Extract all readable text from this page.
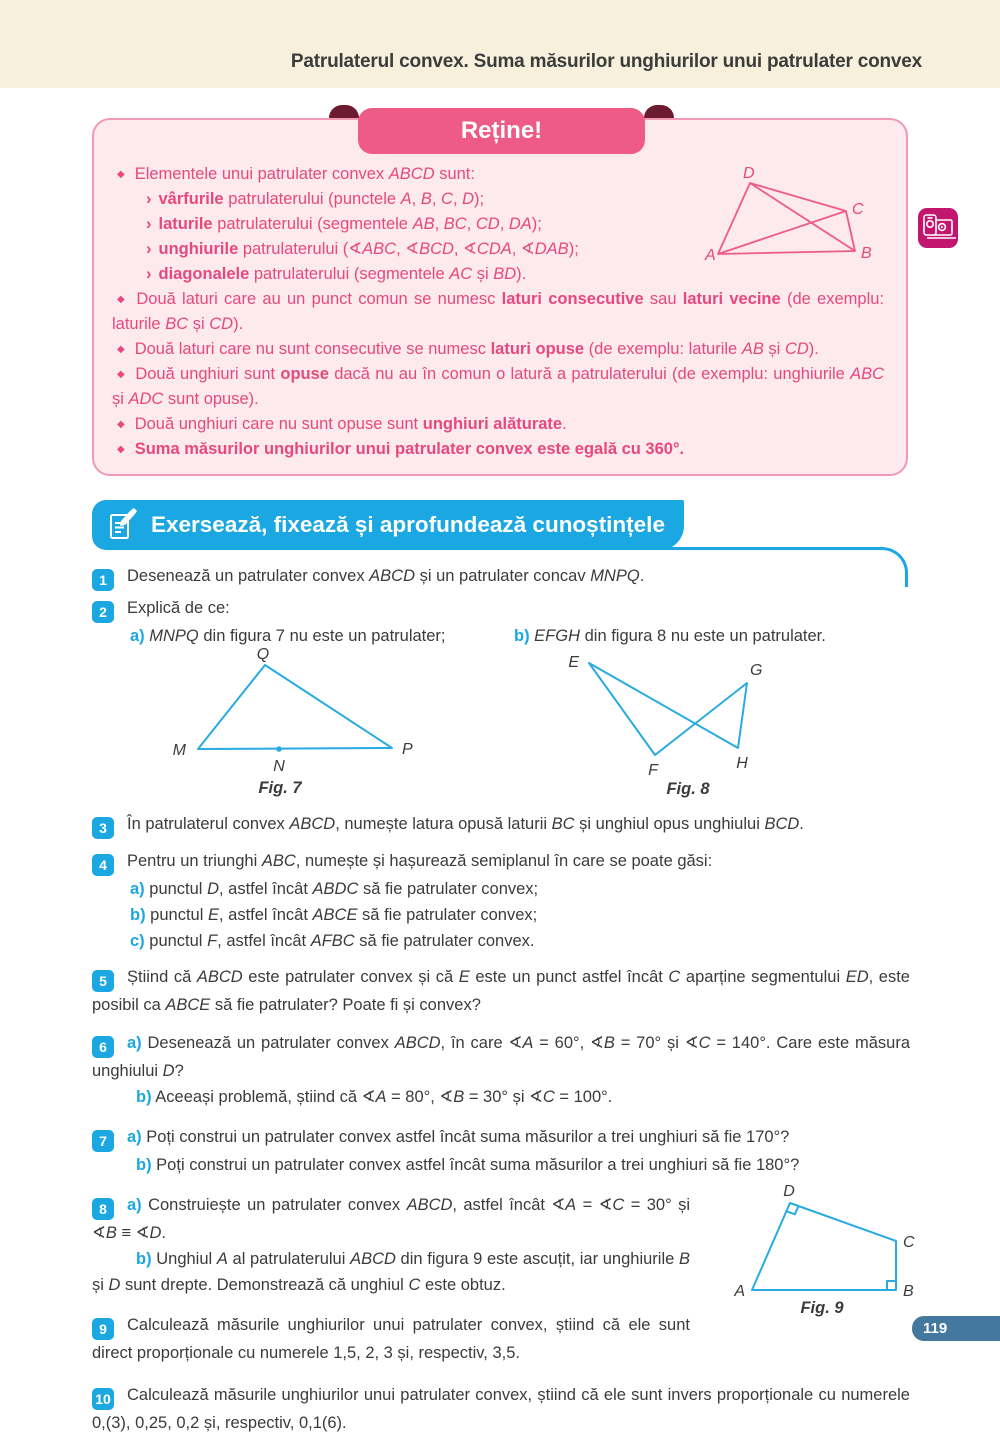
Patrulaterul convex. Suma măsurilor unghiurilor unui patrulater convex
Reține!

◆ Elementele unui patrulater convex ABCD sunt:

› vârfurile patrulaterului (punctele A, B, C, D);
› laturile patrulaterului (segmentele AB, BC, CD, DA);
› unghiurile patrulaterului (∢ABC, ∢BCD, ∢CDA, ∢DAB);
› diagonalele patrulaterului (segmentele AC și BD).

◆ Două laturi care au un punct comun se numesc laturi consecutive sau laturi vecine (de exemplu: laturile BC și CD).

◆ Două laturi care nu sunt consecutive se numesc laturi opuse (de exemplu: laturile AB și CD).

◆ Două unghiuri sunt opuse dacă nu au în comun o latură a patrulaterului (de exemplu: unghiurile ABC și ADC sunt opuse).

◆ Două unghiuri care nu sunt opuse sunt unghiuri alăturate.

◆ Suma măsurilor unghiurilor unui patrulater convex este egală cu 360°.

A	B
C
D
Exersează, fixează și aprofundează cunoștințele

1 Desenează un patrulater convex ABCD și un patrulater concav MNPQ.

2 Explică de ce:

a) MNPQ din figura 7 nu este un patrulater;	b) EFGH din figura 8 nu este un patrulater.
M
Q
P
N
Fig. 7
E	G
F	H
Fig. 8

3 În patrulaterul convex ABCD, numește latura opusă laturii BC și unghiul opus unghiului BCD.

4 Pentru un triunghi ABC, numește și hașurează semiplanul în care se poate găsi:

a) punctul D, astfel încât ABDC să fie patrulater convex;
b) punctul E, astfel încât ABCE să fie patrulater convex;
c) punctul F, astfel încât AFBC să fie patrulater convex.

5 Știind că ABCD este patrulater convex și că E este un punct astfel încât C aparține segmentului ED, este posibil ca ABCE să fie patrulater? Poate fi și convex?

6 a) Desenează un patrulater convex ABCD, în care ∢A = 60°, ∢B = 70° și ∢C = 140°. Care este măsura unghiului D?

b) Aceeași problemă, știind că ∢A = 80°, ∢B = 30° și ∢C = 100°.

7 a) Poți construi un patrulater convex astfel încât suma măsurilor a trei unghiuri să fie 170°?

b) Poți construi un patrulater convex astfel încât suma măsurilor a trei unghiuri să fie 180°?

D
C
B
A
Fig. 9

8 a) Construiește un patrulater convex ABCD, astfel încât ∢A = ∢C = 30° și ∢B ≡ ∢D.

b) Unghiul A al patrulaterului ABCD din figura 9 este ascuțit, iar unghiurile B și D sunt drepte. Demonstrează că unghiul C este obtuz.

9 Calculează măsurile unghiurilor unui patrulater convex, știind că ele sunt direct proporționale cu numerele 1,5, 2, 3 și, respectiv, 3,5.

10 Calculează măsurile unghiurilor unui patrulater convex, știind că ele sunt invers proporționale cu numerele 0,(3), 0,25, 0,2 și, respectiv, 0,1(6).

119
